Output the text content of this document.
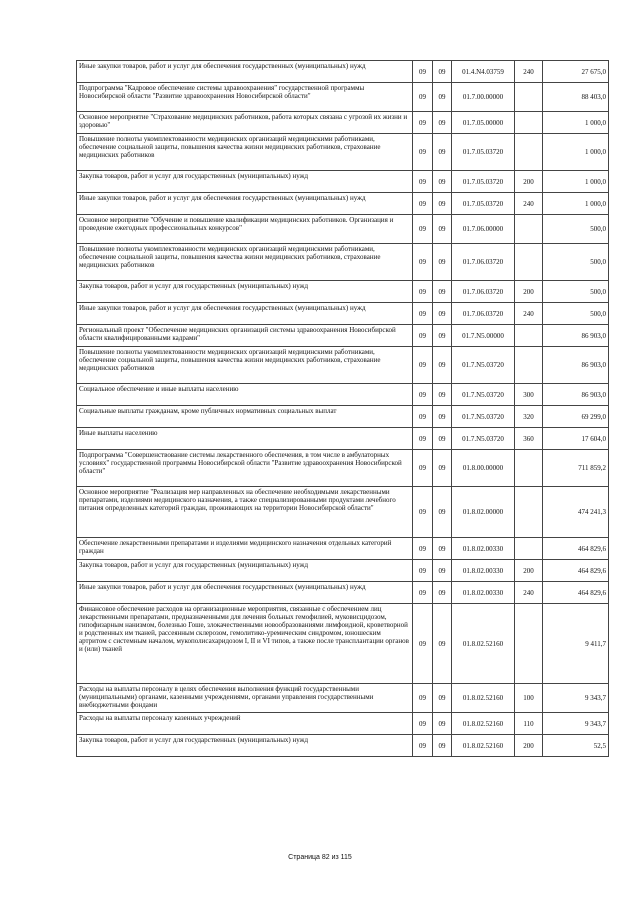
Иные закупки товаров, работ и услуг для обеспечения государственных (муниципальных) нужд	09	09	01.4.N4.03759	240	27 675,0
Подпрограмма "Кадровое обеспечение системы здравоохранения" государственной программы Новосибирской области "Развитие здравоохранения Новосибирской области"	09	09	01.7.00.00000		88 403,0
Основное мероприятие "Страхование медицинских работников, работа которых связана с угрозой их жизни и здоровью"	09	09	01.7.05.00000		1 000,0
Повышение полноты укомплектованности медицинских организаций медицинскими работниками, обеспечение социальной защиты, повышения качества жизни медицинских работников, страхование медицинских работников	09	09	01.7.05.03720		1 000,0
Закупка товаров, работ и услуг для государственных (муниципальных) нужд	09	09	01.7.05.03720	200	1 000,0
Иные закупки товаров, работ и услуг для обеспечения государственных (муниципальных) нужд	09	09	01.7.05.03720	240	1 000,0
Основное мероприятие "Обучение и повышение квалификации медицинских работников. Организация и проведение ежегодных профессиональных конкурсов"	09	09	01.7.06.00000		500,0
Повышение полноты укомплектованности медицинских организаций медицинскими работниками, обеспечение социальной защиты, повышения качества жизни медицинских работников, страхование медицинских работников	09	09	01.7.06.03720		500,0
Закупка товаров, работ и услуг для государственных (муниципальных) нужд	09	09	01.7.06.03720	200	500,0
Иные закупки товаров, работ и услуг для обеспечения государственных (муниципальных) нужд	09	09	01.7.06.03720	240	500,0
Региональный проект "Обеспечение медицинских организаций системы здравоохранения Новосибирской области квалифицированными кадрами"	09	09	01.7.N5.00000		86 903,0
Повышение полноты укомплектованности медицинских организаций медицинскими работниками, обеспечение социальной защиты, повышения качества жизни медицинских работников, страхование медицинских работников	09	09	01.7.N5.03720		86 903,0
Социальное обеспечение и иные выплаты населению	09	09	01.7.N5.03720	300	86 903,0
Социальные выплаты гражданам, кроме публичных нормативных социальных выплат	09	09	01.7.N5.03720	320	69 299,0
Иные выплаты населению	09	09	01.7.N5.03720	360	17 604,0
Подпрограмма "Совершенствование системы лекарственного обеспечения, в том числе в амбулаторных условиях" государственной программы Новосибирской области "Развитие здравоохранения Новосибирской области"	09	09	01.8.00.00000		711 859,2
Основное мероприятие "Реализация мер направленных на обеспечение необходимыми лекарственными препаратами, изделиями медицинского назначения, а также специализированными продуктами лечебного питания определенных категорий граждан, проживающих на территории Новосибирской области"	09	09	01.8.02.00000		474 241,3
Обеспечение лекарственными препаратами и изделиями медицинского назначения отдельных категорий граждан	09	09	01.8.02.00330		464 829,6
Закупка товаров, работ и услуг для государственных (муниципальных) нужд	09	09	01.8.02.00330	200	464 829,6
Иные закупки товаров, работ и услуг для обеспечения государственных (муниципальных) нужд	09	09	01.8.02.00330	240	464 829,6
Финансовое обеспечение расходов на организационные мероприятия, связанные с обеспечением лиц лекарственными препаратами, предназначенными для лечения больных гемофилией, муковисцидозом, гипофизарным нанизмом, болезнью Гоше, злокачественными новообразованиями лимфоидной, кроветворной и родственных им тканей, рассеянным склерозом, гемолитико-уремическим синдромом, юношеским артритом с системным началом, мукополисахаридозом I, II и VI типов, а также после трансплантации органов и (или) тканей	09	09	01.8.02.52160		9 411,7
Расходы на выплаты персоналу в целях обеспечения выполнения функций государственными (муниципальными) органами, казенными учреждениями, органами управления государственными внебюджетными фондами	09	09	01.8.02.52160	100	9 343,7
Расходы на выплаты персоналу казенных учреждений	09	09	01.8.02.52160	110	9 343,7
Закупка товаров, работ и услуг для государственных (муниципальных) нужд	09	09	01.8.02.52160	200	52,5
Страница 82 из 115
